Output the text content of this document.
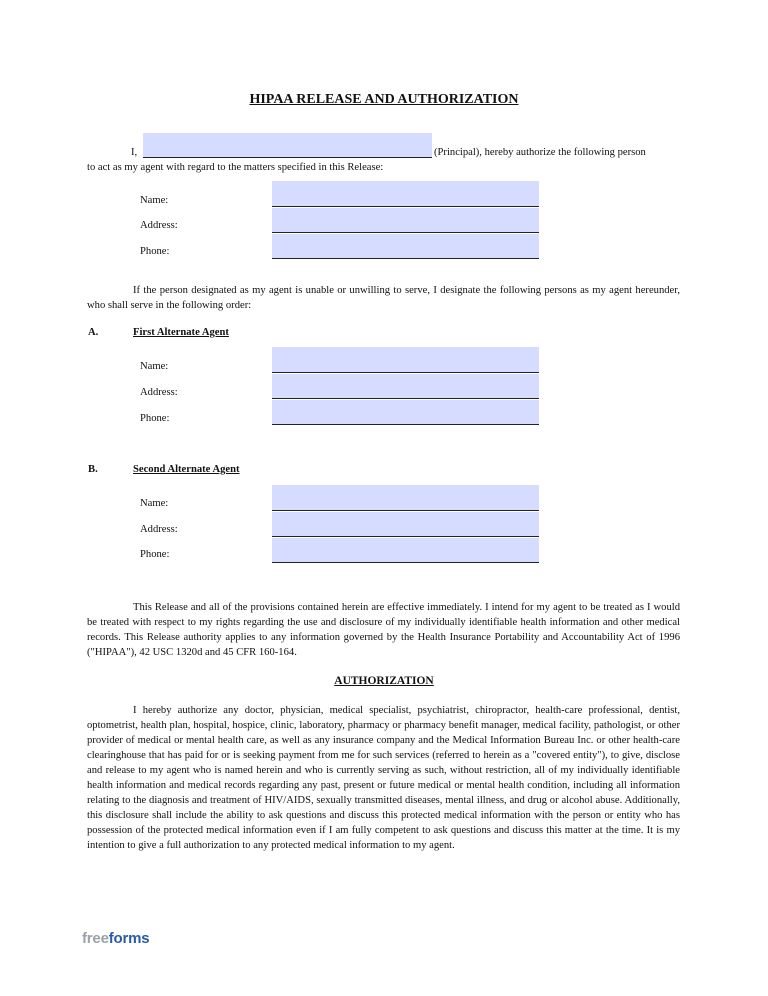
HIPAA RELEASE AND AUTHORIZATION
I,	(Principal), hereby authorize the following person
to act as my agent with regard to the matters specified in this Release:
Name:
Address:
Phone:
If the person designated as my agent is unable or unwilling to serve, I designate the following persons as my agent hereunder, who shall serve in the following order:
A.	First Alternate Agent
Name:
Address:
Phone:
B.	Second Alternate Agent
Name:
Address:
Phone:
This Release and all of the provisions contained herein are effective immediately. I intend for my agent to be treated as I would be treated with respect to my rights regarding the use and disclosure of my individually identifiable health information and other medical records. This Release authority applies to any information governed by the Health Insurance Portability and Accountability Act of 1996 ("HIPAA"), 42 USC 1320d and 45 CFR 160-164.
AUTHORIZATION
I hereby authorize any doctor, physician, medical specialist, psychiatrist, chiropractor, health-care professional, dentist, optometrist, health plan, hospital, hospice, clinic, laboratory, pharmacy or pharmacy benefit manager, medical facility, pathologist, or other provider of medical or mental health care, as well as any insurance company and the Medical Information Bureau Inc. or other health-care clearinghouse that has paid for or is seeking payment from me for such services (referred to herein as a "covered entity"), to give, disclose and release to my agent who is named herein and who is currently serving as such, without restriction, all of my individually identifiable health information and medical records regarding any past, present or future medical or mental health condition, including all information relating to the diagnosis and treatment of HIV/AIDS, sexually transmitted diseases, mental illness, and drug or alcohol abuse. Additionally, this disclosure shall include the ability to ask questions and discuss this protected medical information with the person or entity who has possession of the protected medical information even if I am fully competent to ask questions and discuss this matter at the time. It is my intention to give a full authorization to any protected medical information to my agent.
freeforms
